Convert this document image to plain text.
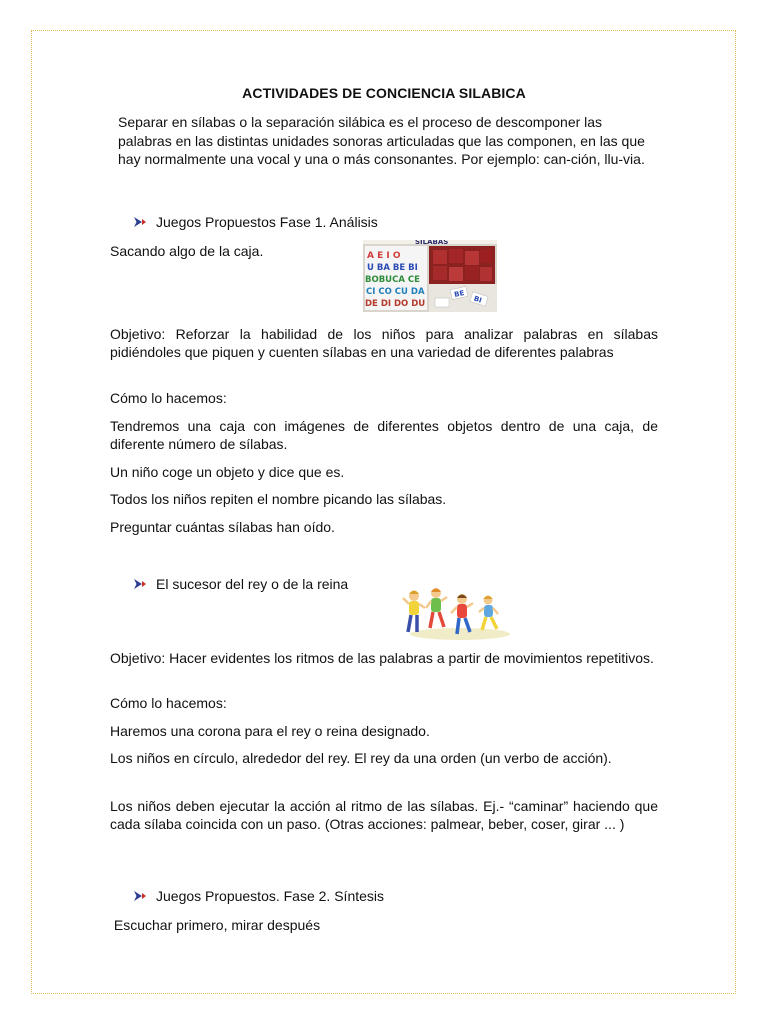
ACTIVIDADES DE CONCIENCIA SILABICA
Separar en sílabas o la separación silábica es el proceso de descomponer las palabras en las distintas unidades sonoras articuladas que las componen, en las que hay normalmente una vocal y una o más consonantes. Por ejemplo: can-ción, llu-via.
Juegos Propuestos Fase 1. Análisis
Sacando algo de la caja.
SILABAS
A E I O
U BA BE BI
BOBUCA CE
CI CO CU DA
DE DI DO DU
BE
BI
Objetivo: Reforzar la habilidad de los niños para analizar palabras en sílabas pidiéndoles que piquen y cuenten sílabas en una variedad de diferentes palabras
Cómo lo hacemos:
Tendremos una caja con imágenes de diferentes objetos dentro de una caja, de diferente número de sílabas.
Un niño coge un objeto y dice que es.
Todos los niños repiten el nombre picando las sílabas.
Preguntar cuántas sílabas han oído.
El sucesor del rey o de la reina
Objetivo: Hacer evidentes los ritmos de las palabras a partir de movimientos repetitivos.
Cómo lo hacemos:
Haremos una corona para el rey o reina designado.
Los niños en círculo, alrededor del rey. El rey da una orden (un verbo de acción).
Los niños deben ejecutar la acción al ritmo de las sílabas. Ej.- “caminar” haciendo que cada sílaba coincida con un paso. (Otras acciones: palmear, beber, coser, girar ... )
Juegos Propuestos. Fase 2. Síntesis
Escuchar primero, mirar después
